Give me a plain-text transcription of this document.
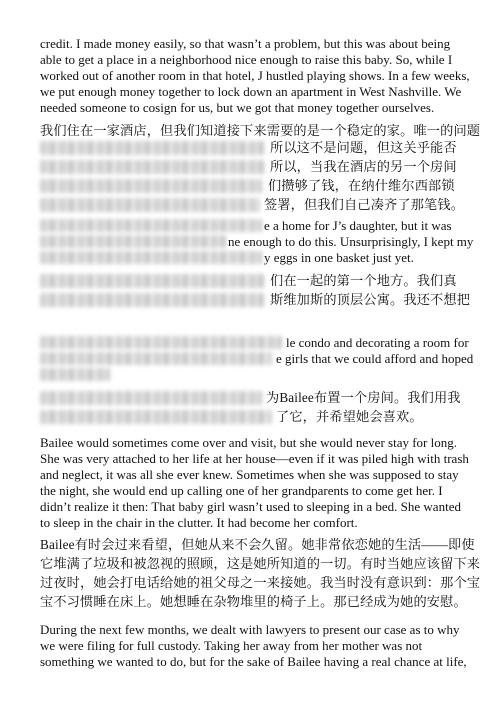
credit. I made money easily, so that wasn’t a problem, but this was about being
able to get a place in a neighborhood nice enough to raise this baby. So, while I
worked out of another room in that hotel, J hustled playing shows. In a few weeks,
we put enough money together to lock down an apartment in West Nashville. We
needed someone to cosign for us, but we got that money together ourselves.
我们住在一家酒店，但我们知道接下来需要的是一个稳定的家。唯一的问题
所以这不是问题，但这关乎能否
所以，当我在酒店的另一个房间
们攒够了钱，在纳什维尔西部锁
签署，但我们自己凑齐了那笔钱。
e a home for J’s daughter, but it was
ne enough to do this. Unsurprisingly, I kept my
y eggs in one basket just yet.
们在一起的第一个地方。我们真
斯维加斯的顶层公寓。我还不想把
le condo and decorating a room for
e girls that we could afford and hoped
为Bailee布置一个房间。我们用我
了它，并希望她会喜欢。
Bailee would sometimes come over and visit, but she would never stay for long.
She was very attached to her life at her house—even if it was piled high with trash
and neglect, it was all she ever knew. Sometimes when she was supposed to stay
the night, she would end up calling one of her grandparents to come get her. I
didn’t realize it then: That baby girl wasn’t used to sleeping in a bed. She wanted
to sleep in the chair in the clutter. It had become her comfort.
Bailee有时会过来看望，但她从来不会久留。她非常依恋她的生活——即使
它堆满了垃圾和被忽视的照顾，这是她所知道的一切。有时当她应该留下来
过夜时，她会打电话给她的祖父母之一来接她。我当时没有意识到：那个宝
宝不习惯睡在床上。她想睡在杂物堆里的椅子上。那已经成为她的安慰。
During the next few months, we dealt with lawyers to present our case as to why
we were filing for full custody. Taking her away from her mother was not
something we wanted to do, but for the sake of Bailee having a real chance at life,
